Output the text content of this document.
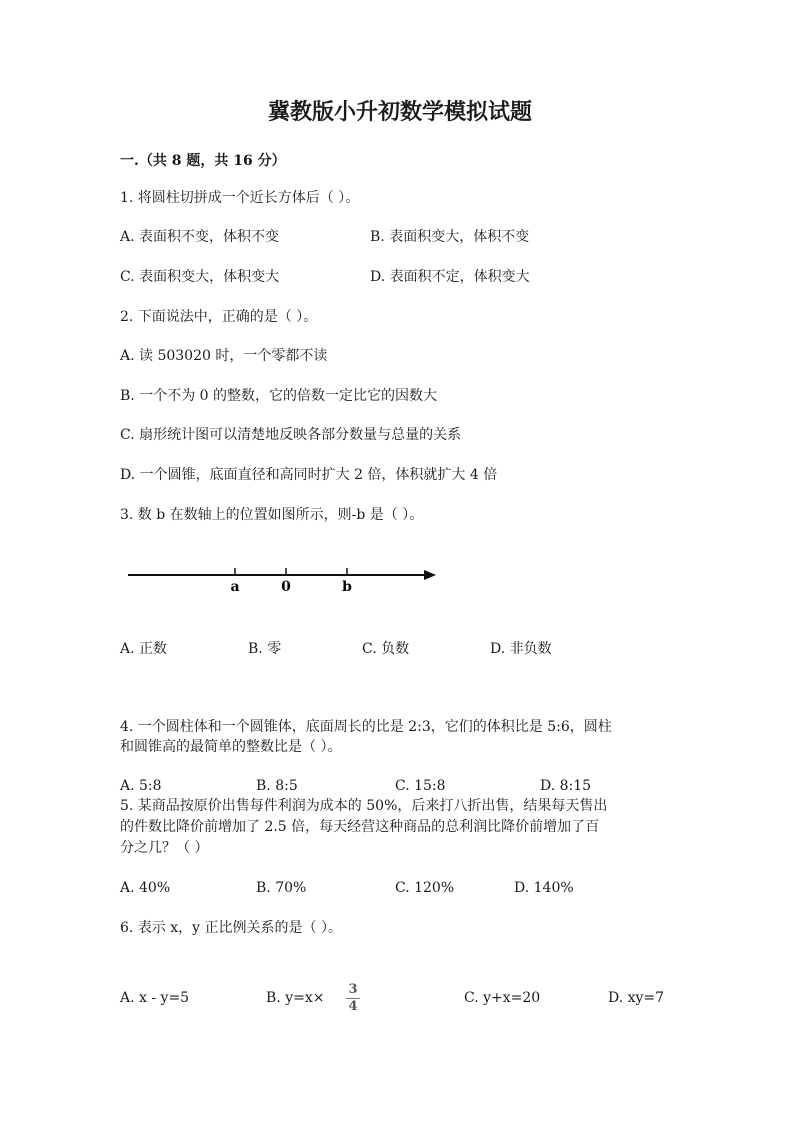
冀教版小升初数学模拟试题
一.（共 8 题，共 16 分）
1. 将圆柱切拼成一个近长方体后（ ）。
A. 表面积不变，体积不变	B. 表面积变大，体积不变
C. 表面积变大，体积变大	D. 表面积不定，体积变大
2. 下面说法中，正确的是（ ）。
A. 读 503020 时，一个零都不读
B. 一个不为 0 的整数，它的倍数一定比它的因数大
C. 扇形统计图可以清楚地反映各部分数量与总量的关系
D. 一个圆锥，底面直径和高同时扩大 2 倍，体积就扩大 4 倍
3. 数 b 在数轴上的位置如图所示，则-b 是（ ）。
a	0	b
A. 正数	B. 零	C. 负数	D. 非负数
4. 一个圆柱体和一个圆锥体，底面周长的比是 2:3，它们的体积比是 5:6，圆柱
和圆锥高的最简单的整数比是（ ）。
A. 5:8	B. 8:5	C. 15:8	D. 8:15
5. 某商品按原价出售每件利润为成本的 50%，后来打八折出售，结果每天售出
的件数比降价前增加了 2.5 倍，每天经营这种商品的总利润比降价前增加了百
分之几？（ ）
A. 40%	B. 70%	C. 120%	D. 140%
6. 表示 x，y 正比例关系的是（ ）。
A. x - y=5	B. y=x×
3
4
C. y+x=20	D. xy=7
